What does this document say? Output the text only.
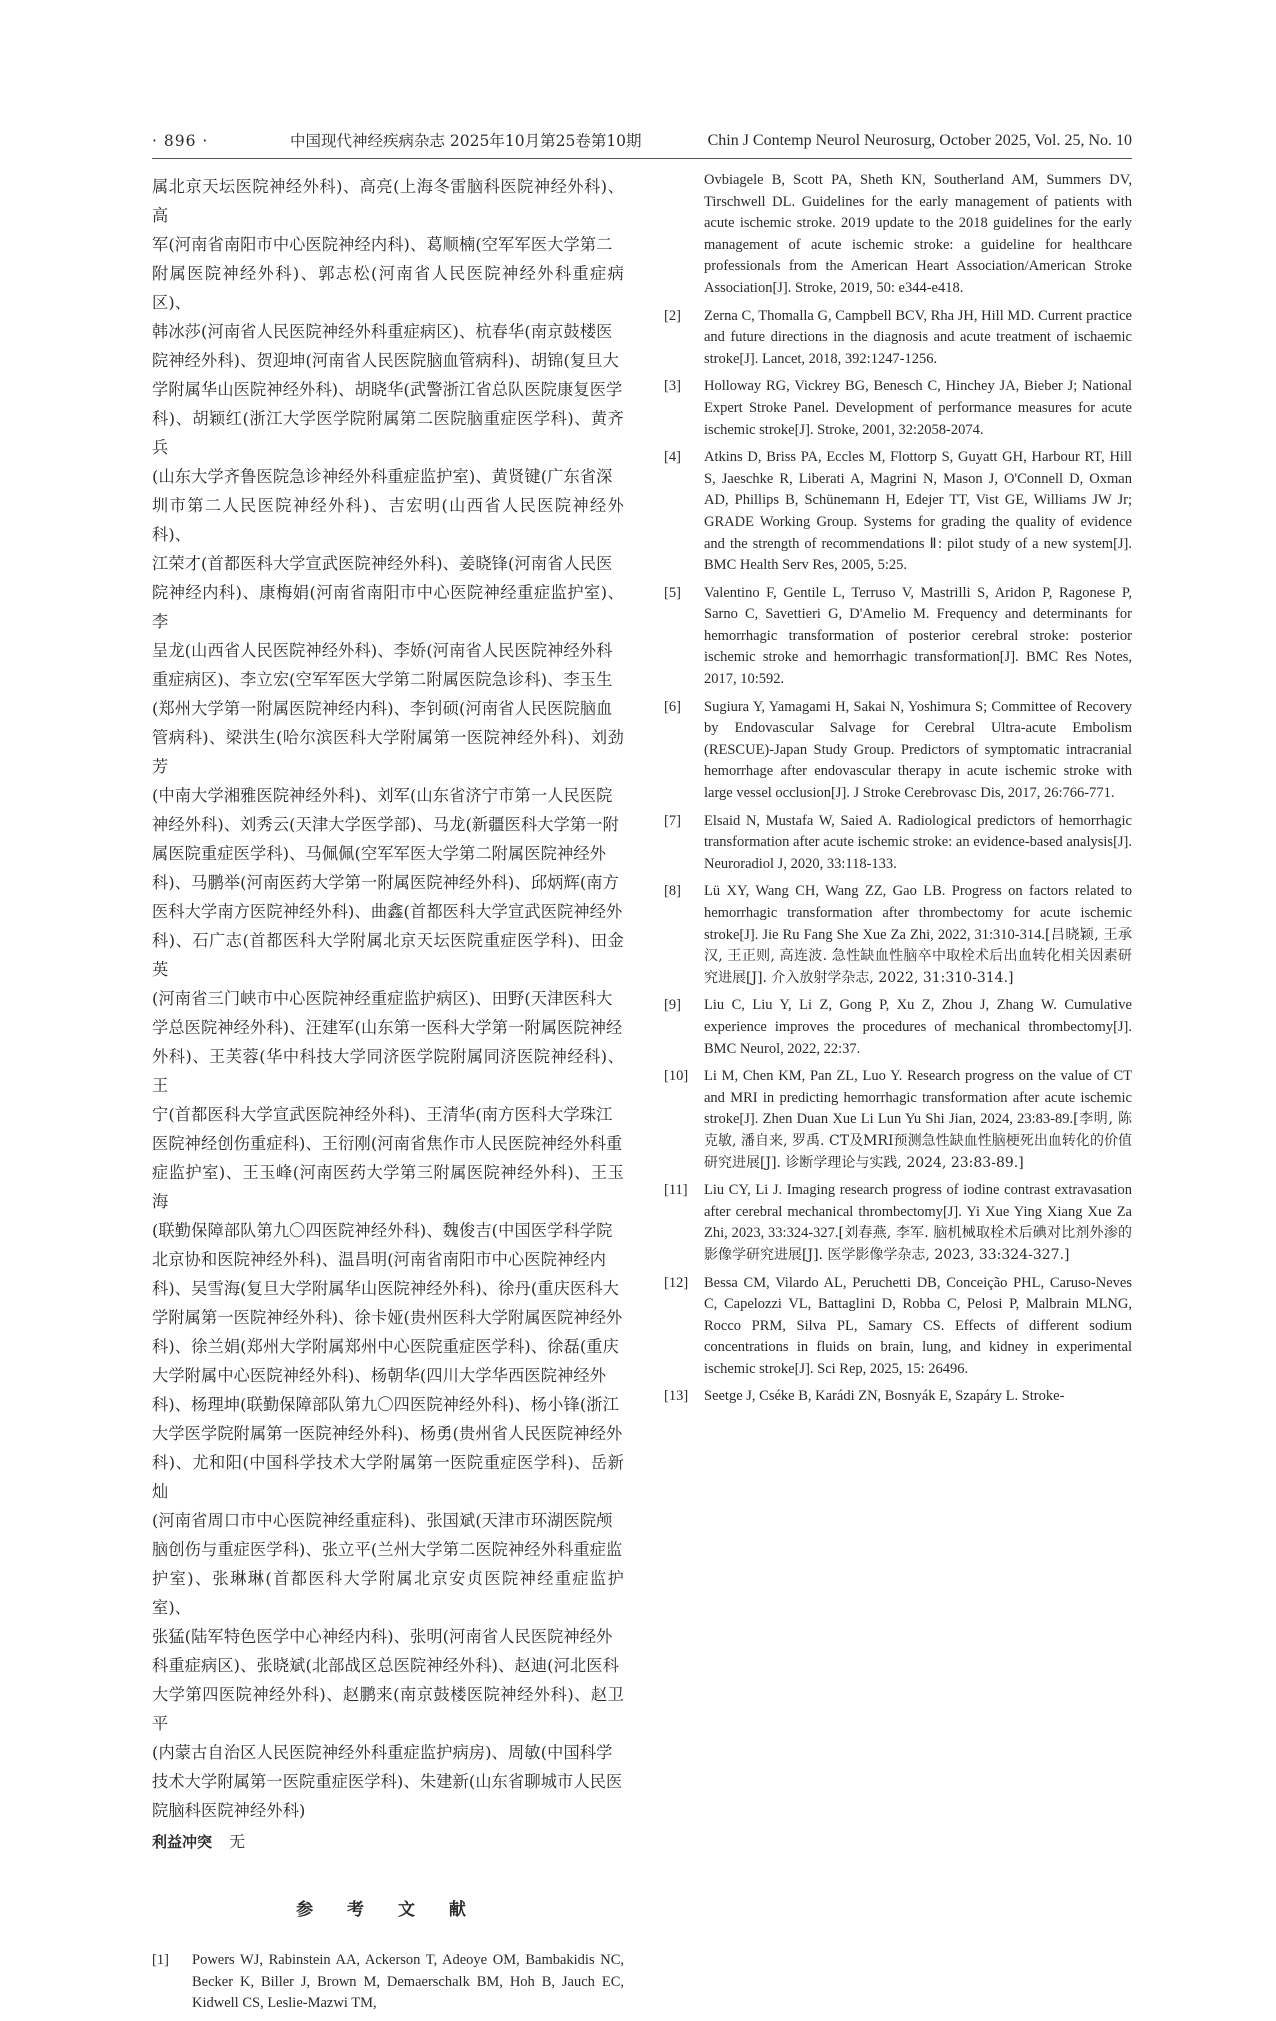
· 896 ·	中国现代神经疾病杂志 2025年10月第25卷第10期	Chin J Contemp Neurol Neurosurg, October 2025, Vol. 25, No. 10

属北京天坛医院神经外科)、高亮(上海冬雷脑科医院神经外科)、高
军(河南省南阳市中心医院神经内科)、葛顺楠(空军军医大学第二
附属医院神经外科)、郭志松(河南省人民医院神经外科重症病区)、
韩冰莎(河南省人民医院神经外科重症病区)、杭春华(南京鼓楼医
院神经外科)、贺迎坤(河南省人民医院脑血管病科)、胡锦(复旦大
学附属华山医院神经外科)、胡晓华(武警浙江省总队医院康复医学
科)、胡颖红(浙江大学医学院附属第二医院脑重症医学科)、黄齐兵
(山东大学齐鲁医院急诊神经外科重症监护室)、黄贤键(广东省深
圳市第二人民医院神经外科)、吉宏明(山西省人民医院神经外科)、
江荣才(首都医科大学宣武医院神经外科)、姜晓锋(河南省人民医
院神经内科)、康梅娟(河南省南阳市中心医院神经重症监护室)、李
呈龙(山西省人民医院神经外科)、李娇(河南省人民医院神经外科
重症病区)、李立宏(空军军医大学第二附属医院急诊科)、李玉生
(郑州大学第一附属医院神经内科)、李钊硕(河南省人民医院脑血
管病科)、梁洪生(哈尔滨医科大学附属第一医院神经外科)、刘劲芳
(中南大学湘雅医院神经外科)、刘军(山东省济宁市第一人民医院
神经外科)、刘秀云(天津大学医学部)、马龙(新疆医科大学第一附
属医院重症医学科)、马佩佩(空军军医大学第二附属医院神经外
科)、马鹏举(河南医药大学第一附属医院神经外科)、邱炳辉(南方
医科大学南方医院神经外科)、曲鑫(首都医科大学宣武医院神经外
科)、石广志(首都医科大学附属北京天坛医院重症医学科)、田金英
(河南省三门峡市中心医院神经重症监护病区)、田野(天津医科大
学总医院神经外科)、汪建军(山东第一医科大学第一附属医院神经
外科)、王芙蓉(华中科技大学同济医学院附属同济医院神经科)、王
宁(首都医科大学宣武医院神经外科)、王清华(南方医科大学珠江
医院神经创伤重症科)、王衍刚(河南省焦作市人民医院神经外科重
症监护室)、王玉峰(河南医药大学第三附属医院神经外科)、王玉海
(联勤保障部队第九〇四医院神经外科)、魏俊吉(中国医学科学院
北京协和医院神经外科)、温昌明(河南省南阳市中心医院神经内
科)、吴雪海(复旦大学附属华山医院神经外科)、徐丹(重庆医科大
学附属第一医院神经外科)、徐卡娅(贵州医科大学附属医院神经外
科)、徐兰娟(郑州大学附属郑州中心医院重症医学科)、徐磊(重庆
大学附属中心医院神经外科)、杨朝华(四川大学华西医院神经外
科)、杨理坤(联勤保障部队第九〇四医院神经外科)、杨小锋(浙江
大学医学院附属第一医院神经外科)、杨勇(贵州省人民医院神经外
科)、尤和阳(中国科学技术大学附属第一医院重症医学科)、岳新灿
(河南省周口市中心医院神经重症科)、张国斌(天津市环湖医院颅
脑创伤与重症医学科)、张立平(兰州大学第二医院神经外科重症监
护室)、张琳琳(首都医科大学附属北京安贞医院神经重症监护室)、
张猛(陆军特色医学中心神经内科)、张明(河南省人民医院神经外
科重症病区)、张晓斌(北部战区总医院神经外科)、赵迪(河北医科
大学第四医院神经外科)、赵鹏来(南京鼓楼医院神经外科)、赵卫平
(内蒙古自治区人民医院神经外科重症监护病房)、周敏(中国科学
技术大学附属第一医院重症医学科)、朱建新(山东省聊城市人民医
院脑科医院神经外科)

利益冲突 无
参 考 文 献
[1] Powers WJ, Rabinstein AA, Ackerson T, Adeoye OM, Bambakidis NC, Becker K, Biller J, Brown M, Demaerschalk BM, Hoh B, Jauch EC, Kidwell CS, Leslie‑Mazwi TM,
Ovbiagele B, Scott PA, Sheth KN, Southerland AM, Summers DV, Tirschwell DL. Guidelines for the early management of patients with acute ischemic stroke. 2019 update to the 2018 guidelines for the early management of acute ischemic stroke: a guideline for healthcare professionals from the American Heart Association/American Stroke Association[J]. Stroke, 2019, 50: e344‑e418.
[2] Zerna C, Thomalla G, Campbell BCV, Rha JH, Hill MD. Current practice and future directions in the diagnosis and acute treatment of ischaemic stroke[J]. Lancet, 2018, 392:1247‑1256.
[3] Holloway RG, Vickrey BG, Benesch C, Hinchey JA, Bieber J; National Expert Stroke Panel. Development of performance measures for acute ischemic stroke[J]. Stroke, 2001, 32:2058‑2074.
[4] Atkins D, Briss PA, Eccles M, Flottorp S, Guyatt GH, Harbour RT, Hill S, Jaeschke R, Liberati A, Magrini N, Mason J, O'Connell D, Oxman AD, Phillips B, Schünemann H, Edejer TT, Vist GE, Williams JW Jr; GRADE Working Group. Systems for grading the quality of evidence and the strength of recommendations Ⅱ: pilot study of a new system[J]. BMC Health Serv Res, 2005, 5:25.
[5] Valentino F, Gentile L, Terruso V, Mastrilli S, Aridon P, Ragonese P, Sarno C, Savettieri G, D'Amelio M. Frequency and determinants for hemorrhagic transformation of posterior cerebral stroke: posterior ischemic stroke and hemorrhagic transformation[J]. BMC Res Notes, 2017, 10:592.
[6] Sugiura Y, Yamagami H, Sakai N, Yoshimura S; Committee of Recovery by Endovascular Salvage for Cerebral Ultra‑acute Embolism (RESCUE)‑Japan Study Group. Predictors of symptomatic intracranial hemorrhage after endovascular therapy in acute ischemic stroke with large vessel occlusion[J]. J Stroke Cerebrovasc Dis, 2017, 26:766‑771.
[7] Elsaid N, Mustafa W, Saied A. Radiological predictors of hemorrhagic transformation after acute ischemic stroke: an evidence‑based analysis[J]. Neuroradiol J, 2020, 33:118‑133.
[8] Lü XY, Wang CH, Wang ZZ, Gao LB. Progress on factors related to hemorrhagic transformation after thrombectomy for acute ischemic stroke[J]. Jie Ru Fang She Xue Za Zhi, 2022, 31:310‑314.[吕晓颖, 王承汉, 王正则, 高连波. 急性缺血性脑卒中取栓术后出血转化相关因素研究进展[J]. 介入放射学杂志, 2022, 31:310‑314.]
[9] Liu C, Liu Y, Li Z, Gong P, Xu Z, Zhou J, Zhang W. Cumulative experience improves the procedures of mechanical thrombectomy[J]. BMC Neurol, 2022, 22:37.
[10] Li M, Chen KM, Pan ZL, Luo Y. Research progress on the value of CT and MRI in predicting hemorrhagic transformation after acute ischemic stroke[J]. Zhen Duan Xue Li Lun Yu Shi Jian, 2024, 23:83‑89.[李明, 陈克敏, 潘自来, 罗禹. CT及MRI预测急性缺血性脑梗死出血转化的价值研究进展[J]. 诊断学理论与实践, 2024, 23:83‑89.]
[11] Liu CY, Li J. Imaging research progress of iodine contrast extravasation after cerebral mechanical thrombectomy[J]. Yi Xue Ying Xiang Xue Za Zhi, 2023, 33:324‑327.[刘春燕, 李军. 脑机械取栓术后碘对比剂外渗的影像学研究进展[J]. 医学影像学杂志, 2023, 33:324‑327.]
[12] Bessa CM, Vilardo AL, Peruchetti DB, Conceição PHL, Caruso‑Neves C, Capelozzi VL, Battaglini D, Robba C, Pelosi P, Malbrain MLNG, Rocco PRM, Silva PL, Samary CS. Effects of different sodium concentrations in fluids on brain, lung, and kidney in experimental ischemic stroke[J]. Sci Rep, 2025, 15: 26496.
[13] Seetge J, Cséke B, Karádi ZN, Bosnyák E, Szapáry L. Stroke‑
